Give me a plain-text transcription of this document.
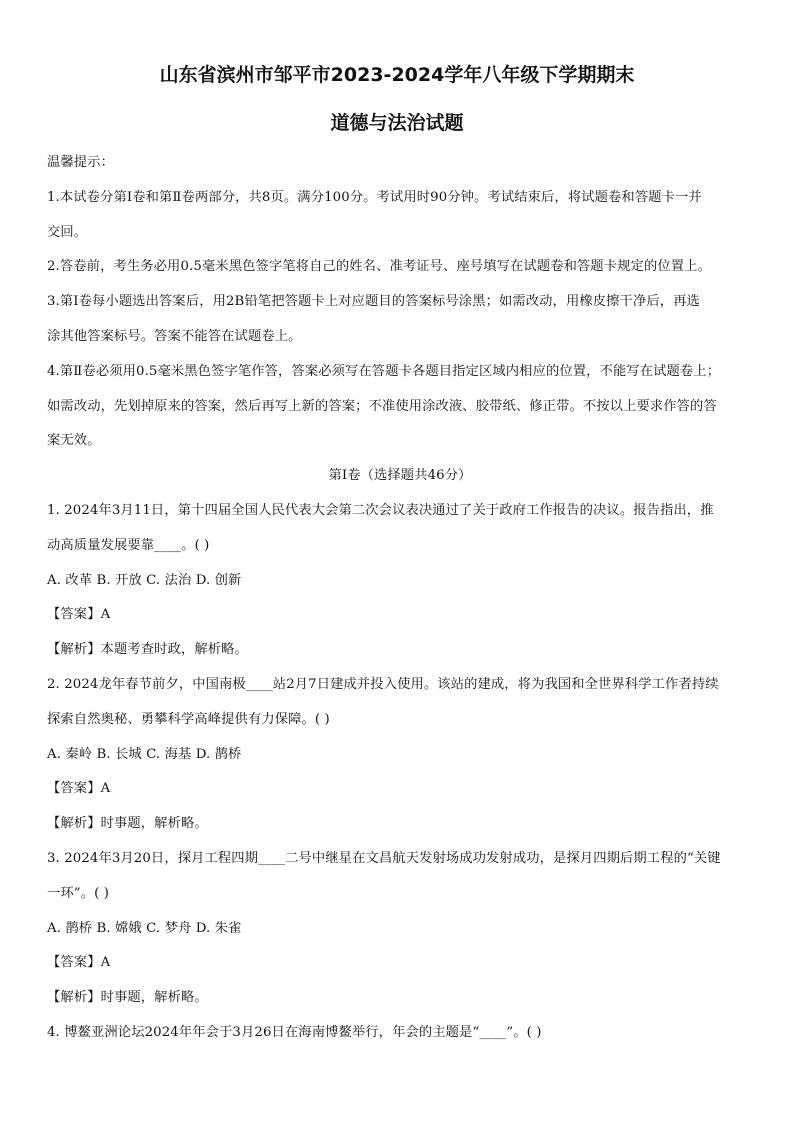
山东省滨州市邹平市2023-2024学年八年级下学期期末
道德与法治试题

温馨提示：

1.本试卷分第Ⅰ卷和第Ⅱ卷两部分，共8页。满分100分。考试用时90分钟。考试结束后，将试题卷和答题卡一并

交回。

2.答卷前，考生务必用0.5毫米黑色签字笔将自己的姓名、准考证号、座号填写在试题卷和答题卡规定的位置上。

3.第Ⅰ卷每小题选出答案后，用2B铅笔把答题卡上对应题目的答案标号涂黑；如需改动，用橡皮擦干净后，再选

涂其他答案标号。答案不能答在试题卷上。

4.第Ⅱ卷必须用0.5毫米黑色签字笔作答，答案必须写在答题卡各题目指定区域内相应的位置，不能写在试题卷上；

如需改动，先划掉原来的答案，然后再写上新的答案；不准使用涂改液、胶带纸、修正带。不按以上要求作答的答

案无效。

第Ⅰ卷（选择题共46分）

1. 2024年3月11日，第十四届全国人民代表大会第二次会议表决通过了关于政府工作报告的决议。报告指出，推

动高质量发展要靠____。( )

A. 改革 B. 开放 C. 法治 D. 创新

【答案】A

【解析】本题考查时政，解析略。

2. 2024龙年春节前夕，中国南极____站2月7日建成并投入使用。该站的建成，将为我国和全世界科学工作者持续

探索自然奥秘、勇攀科学高峰提供有力保障。( )

A. 秦岭 B. 长城 C. 海基 D. 鹊桥

【答案】A

【解析】时事题，解析略。

3. 2024年3月20日，探月工程四期____二号中继星在文昌航天发射场成功发射成功，是探月四期后期工程的“关键

一环”。( )

A. 鹊桥 B. 嫦娥 C. 梦舟 D. 朱雀

【答案】A

【解析】时事题，解析略。

4. 博鳌亚洲论坛2024年年会于3月26日在海南博鳌举行，年会的主题是“____”。( )
